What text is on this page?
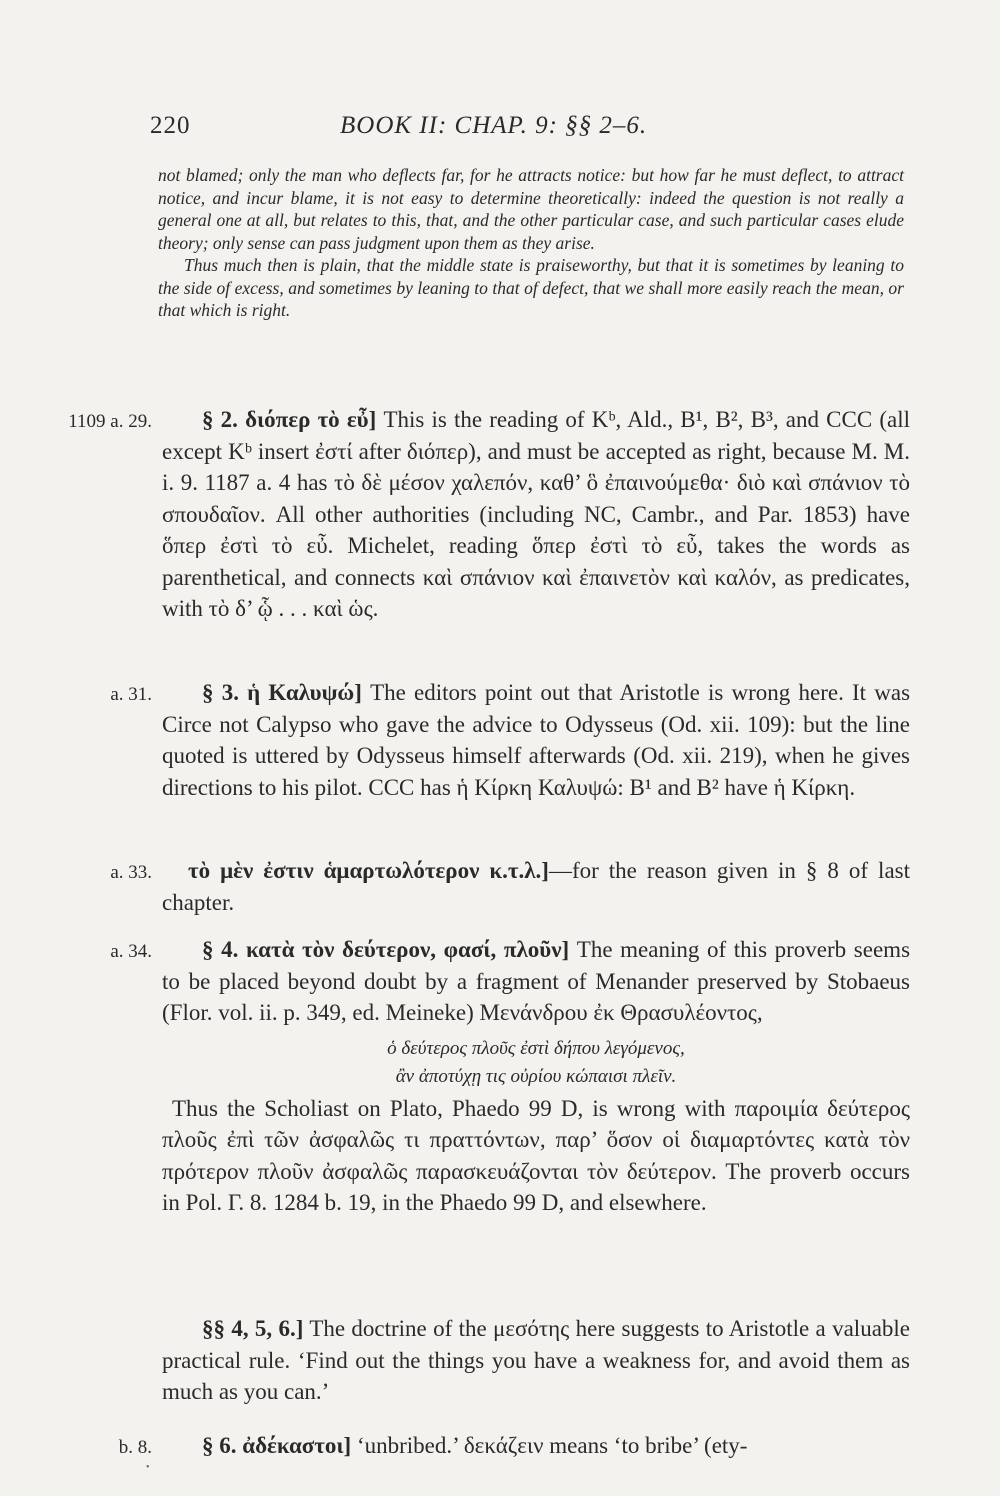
220	BOOK II: CHAP. 9: §§ 2–6.

not blamed; only the man who deflects far, for he attracts notice: but how far he must deflect, to attract notice, and incur blame, it is not easy to determine theoretically: indeed the question is not really a general one at all, but relates to this, that, and the other particular case, and such particular cases elude theory; only sense can pass judgment upon them as they arise.

Thus much then is plain, that the middle state is praiseworthy, but that it is sometimes by leaning to the side of excess, and sometimes by leaning to that of defect, that we shall more easily reach the mean, or that which is right.

1109 a. 29.	§ 2. διόπερ τὸ εὖ] This is the reading of Kᵇ, Ald., B¹, B², B³, and CCC (all except Kᵇ insert ἐστί after διόπερ), and must be accepted as right, because M. M. i. 9. 1187 a. 4 has τὸ δὲ μέσον χαλεπόν, καθ’ ὃ ἐπαινούμεθα· διὸ καὶ σπάνιον τὸ σπουδαῖον. All other authorities (including NC, Cambr., and Par. 1853) have ὅπερ ἐστὶ τὸ εὖ. Michelet, reading ὅπερ ἐστὶ τὸ εὖ, takes the words as parenthetical, and connects καὶ σπάνιον καὶ ἐπαινετὸν καὶ καλόν, as predicates, with τὸ δ’ ᾧ . . . καὶ ὡς.

a. 31.	§ 3. ἡ Καλυψώ] The editors point out that Aristotle is wrong here. It was Circe not Calypso who gave the advice to Odysseus (Od. xii. 109): but the line quoted is uttered by Odysseus himself afterwards (Od. xii. 219), when he gives directions to his pilot. CCC has ἡ Κίρκη Καλυψώ: B¹ and B² have ἡ Κίρκη.

a. 33.	τὸ μὲν ἐστιν ἁμαρτωλότερον κ.τ.λ.]—for the reason given in § 8 of last chapter.

a. 34.	§ 4. κατὰ τὸν δεύτερον, φασί, πλοῦν] The meaning of this proverb seems to be placed beyond doubt by a fragment of Menander preserved by Stobaeus (Flor. vol. ii. p. 349, ed. Meineke) Μενάνδρου ἐκ Θρασυλέοντος,

ὁ δεύτερος πλοῦς ἐστὶ δήπου λεγόμενος,
ἂν ἀποτύχῃ τις οὐρίου κώπαισι πλεῖν.

Thus the Scholiast on Plato, Phaedo 99 D, is wrong with παροιμία δεύτερος πλοῦς ἐπὶ τῶν ἀσφαλῶς τι πραττόντων, παρ’ ὅσον οἱ διαμαρτόντες κατὰ τὸν πρότερον πλοῦν ἀσφαλῶς παρασκευάζονται τὸν δεύτερον. The proverb occurs in Pol. Γ. 8. 1284 b. 19, in the Phaedo 99 D, and elsewhere.

§§ 4, 5, 6.] The doctrine of the μεσότης here suggests to Aristotle a valuable practical rule. ‘Find out the things you have a weakness for, and avoid them as much as you can.’

b. 8.	§ 6. ἀδέκαστοι] ‘unbribed.’ δεκάζειν means ‘to bribe’ (ety-

•
